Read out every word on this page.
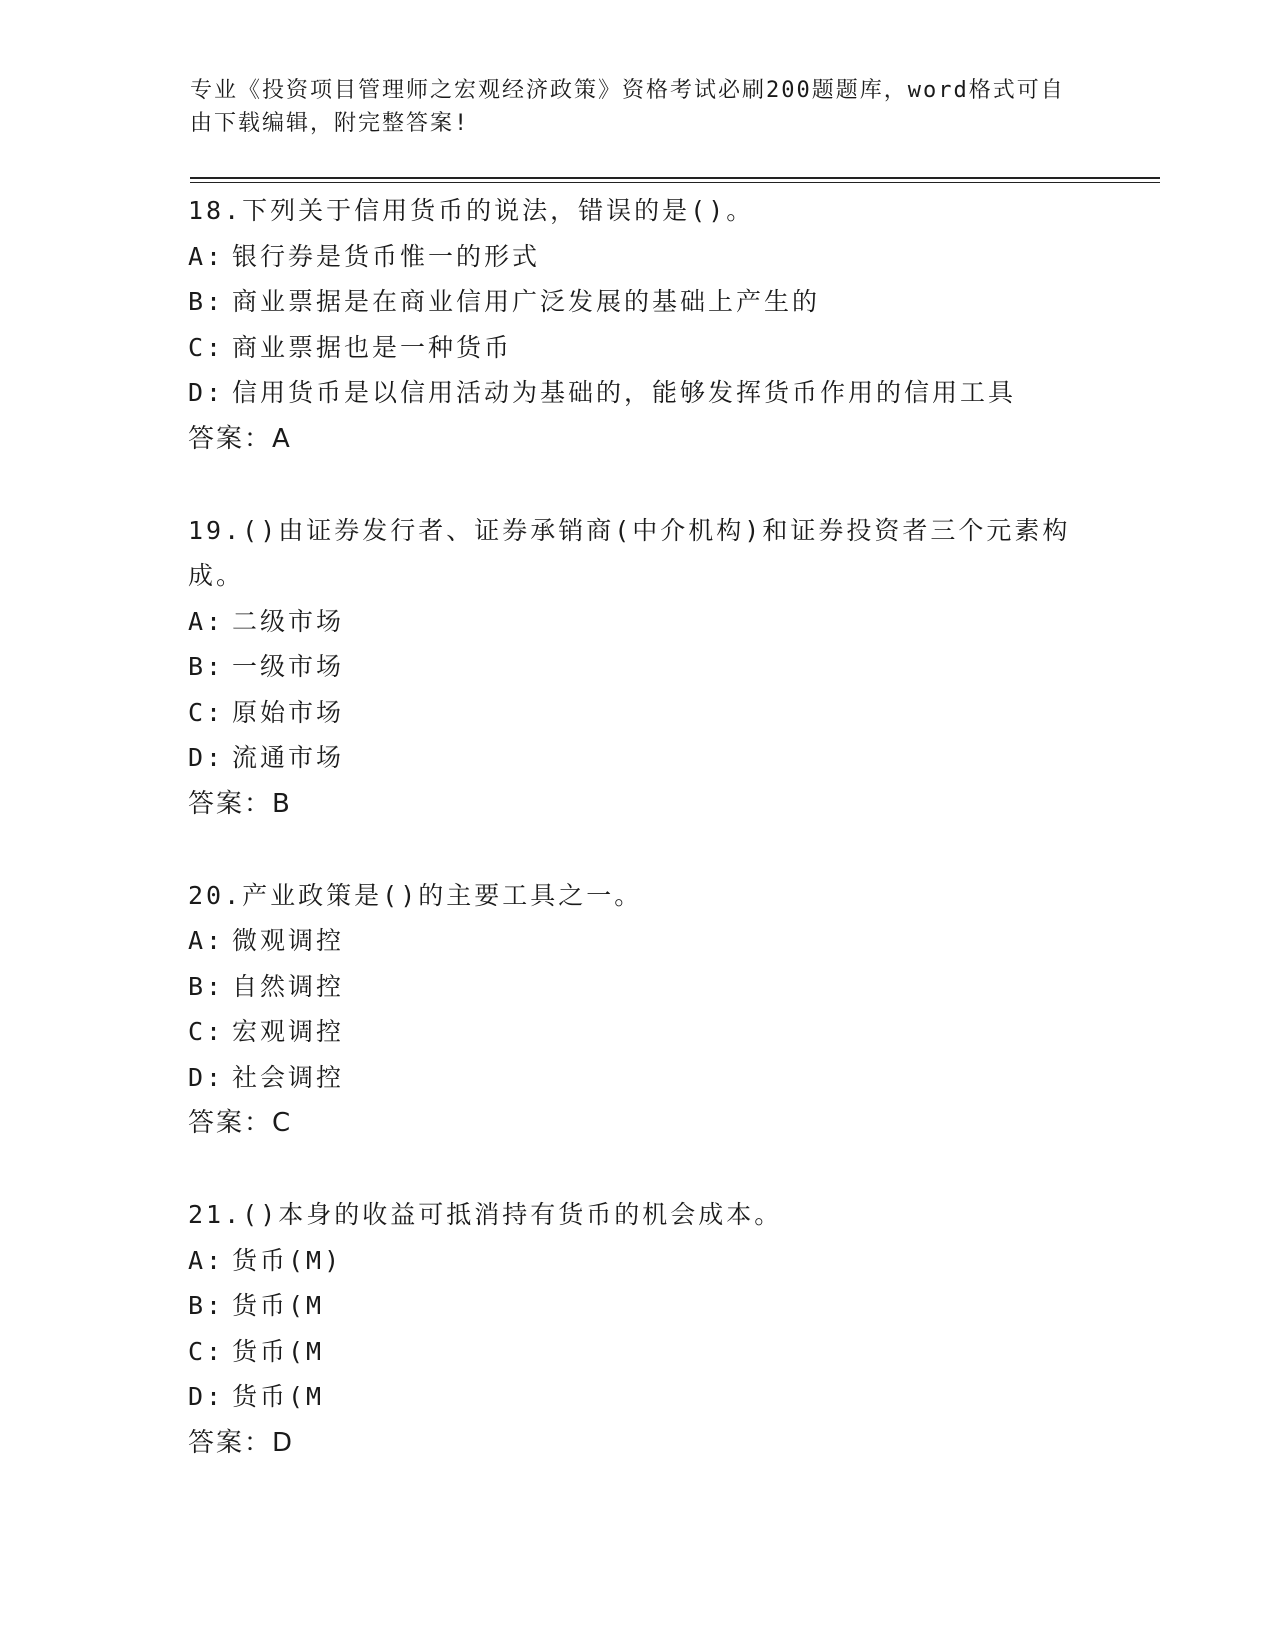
专业《投资项目管理师之宏观经济政策》资格考试必刷200题题库，word格式可自由下载编辑，附完整答案!

18.下列关于信用货币的说法，错误的是()。

A: 银行券是货币惟一的形式

B: 商业票据是在商业信用广泛发展的基础上产生的

C: 商业票据也是一种货币

D: 信用货币是以信用活动为基础的，能够发挥货币作用的信用工具

答案：A

19.()由证券发行者、证券承销商(中介机构)和证券投资者三个元素构成。

A: 二级市场

B: 一级市场

C: 原始市场

D: 流通市场

答案：B

20.产业政策是()的主要工具之一。

A: 微观调控

B: 自然调控

C: 宏观调控

D: 社会调控

答案：C

21.()本身的收益可抵消持有货币的机会成本。

A: 货币(M)

B: 货币(M

C: 货币(M

D: 货币(M

答案：D
